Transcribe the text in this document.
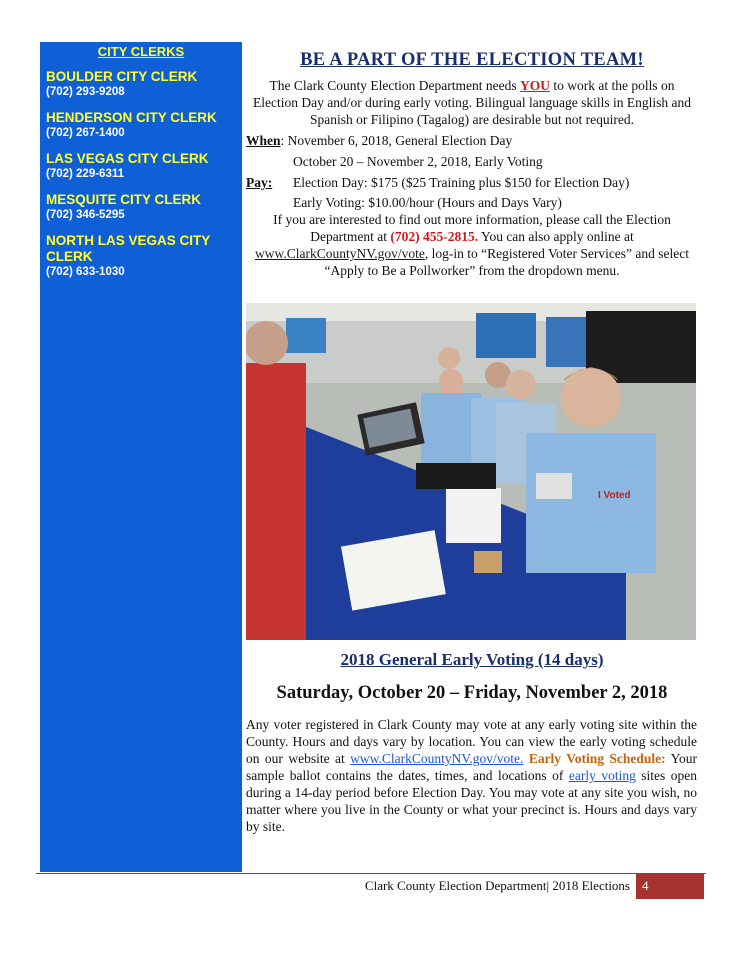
CITY CLERKS
BOULDER CITY CLERK
(702) 293-9208
HENDERSON CITY CLERK
(702) 267-1400
LAS VEGAS CITY CLERK
(702) 229-6311
MESQUITE CITY CLERK
(702) 346-5295
NORTH LAS VEGAS CITY CLERK
(702) 633-1030
BE A PART OF THE ELECTION TEAM!
The Clark County Election Department needs YOU to work at the polls on Election Day and/or during early voting. Bilingual language skills in English and Spanish or Filipino (Tagalog) are desirable but not required.
When : November 6, 2018, General Election Day
October 20 – November 2, 2018, Early Voting
Pay:	Election Day: $175 ($25 Training plus $150 for Election Day)
Early Voting: $10.00/hour (Hours and Days Vary)
If you are interested to find out more information, please call the Election Department at (702) 455-2815. You can also apply online at www.ClarkCountyNV.gov/vote, log-in to “Registered Voter Services” and select “Apply to Be a Pollworker” from the dropdown menu.
I Voted
2018 General Early Voting (14 days)
Saturday, October 20 – Friday, November 2, 2018
Any voter registered in Clark County may vote at any early voting site within the County. Hours and days vary by location. You can view the early voting schedule on our website at www.ClarkCountyNV.gov/vote. Early Voting Schedule: Your sample ballot contains the dates, times, and locations of early voting sites open during a 14-day period before Election Day. You may vote at any site you wish, no matter where you live in the County or what your precinct is. Hours and days vary by site.
Clark County Election Department| 2018 Elections 4
